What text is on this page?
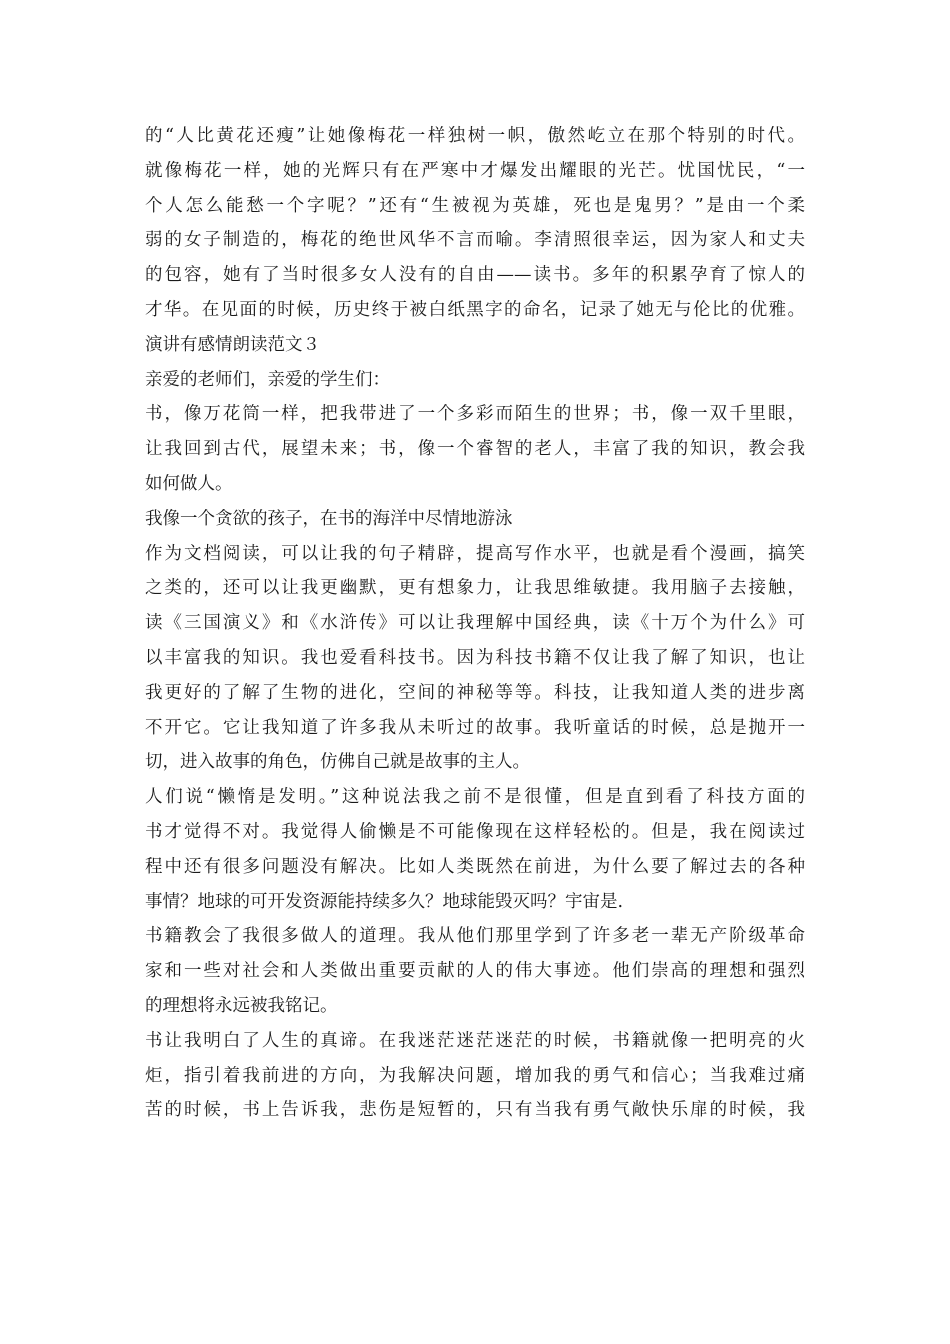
的“人比黄花还瘦”让她像梅花一样独树一帜，傲然屹立在那个特别的时代。
就像梅花一样，她的光辉只有在严寒中才爆发出耀眼的光芒。忧国忧民，“一
个人怎么能愁一个字呢？”还有“生被视为英雄，死也是鬼男？”是由一个柔
弱的女子制造的，梅花的绝世风华不言而喻。李清照很幸运，因为家人和丈夫
的包容，她有了当时很多女人没有的自由——读书。多年的积累孕育了惊人的
才华。在见面的时候，历史终于被白纸黑字的命名，记录了她无与伦比的优雅。
演讲有感情朗读范文３
亲爱的老师们，亲爱的学生们：
书，像万花筒一样，把我带进了一个多彩而陌生的世界；书，像一双千里眼，
让我回到古代，展望未来；书，像一个睿智的老人，丰富了我的知识，教会我
如何做人。
我像一个贪欲的孩子，在书的海洋中尽情地游泳
作为文档阅读，可以让我的句子精辟，提高写作水平，也就是看个漫画，搞笑
之类的，还可以让我更幽默，更有想象力，让我思维敏捷。我用脑子去接触，
读《三国演义》和《水浒传》可以让我理解中国经典，读《十万个为什么》可
以丰富我的知识。我也爱看科技书。因为科技书籍不仅让我了解了知识，也让
我更好的了解了生物的进化，空间的神秘等等。科技，让我知道人类的进步离
不开它。它让我知道了许多我从未听过的故事。我听童话的时候，总是抛开一
切，进入故事的角色，仿佛自己就是故事的主人。
人们说“懒惰是发明。”这种说法我之前不是很懂，但是直到看了科技方面的
书才觉得不对。我觉得人偷懒是不可能像现在这样轻松的。但是，我在阅读过
程中还有很多问题没有解决。比如人类既然在前进，为什么要了解过去的各种
事情？地球的可开发资源能持续多久？地球能毁灭吗？宇宙是.
书籍教会了我很多做人的道理。我从他们那里学到了许多老一辈无产阶级革命
家和一些对社会和人类做出重要贡献的人的伟大事迹。他们崇高的理想和强烈
的理想将永远被我铭记。
书让我明白了人生的真谛。在我迷茫迷茫迷茫的时候，书籍就像一把明亮的火
炬，指引着我前进的方向，为我解决问题，增加我的勇气和信心；当我难过痛
苦的时候，书上告诉我，悲伤是短暂的，只有当我有勇气敞快乐扉的时候，我
